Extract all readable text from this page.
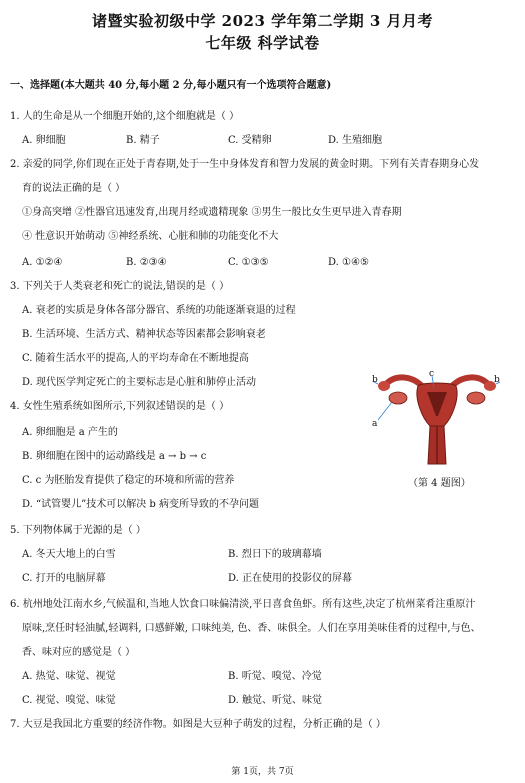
诸暨实验初级中学 2023 学年第二学期 3 月月考
七年级 科学试卷
一、选择题(本大题共 40 分,每小题 2 分,每小题只有一个选项符合题意)
1. 人的生命是从一个细胞开始的,这个细胞就是（ ）
A. 卵细胞	B. 精子	C. 受精卵	D. 生殖细胞
2. 亲爱的同学,你们现在正处于青春期,处于一生中身体发育和智力发展的黄金时期。下列有关青春期身心发
育的说法正确的是（ ）
①身高突增 ②性器官迅速发育,出现月经或遗精现象 ③男生一般比女生更早进入青春期
④ 性意识开始萌动 ⑤神经系统、心脏和肺的功能变化不大
A. ①②④	B. ②③④	C. ①③⑤	D. ①④⑤
3. 下列关于人类衰老和死亡的说法,错误的是（ ）
A. 衰老的实质是身体各部分器官、系统的功能逐渐衰退的过程
B. 生活环境、生活方式、精神状态等因素都会影响衰老
C. 随着生活水平的提高,人的平均寿命在不断地提高
D. 现代医学判定死亡的主要标志是心脏和肺停止活动
4. 女性生殖系统如图所示,下列叙述错误的是（ ）
A. 卵细胞是 a 产生的
B. 卵细胞在图中的运动路线是 a → b → c
C. c 为胚胎发育提供了稳定的环境和所需的营养
D. “试管婴儿”技术可以解决 b 病变所导致的不孕问题
c
b
a
b
（第 4 题图）
5. 下列物体属于光源的是（ ）
A. 冬天大地上的白雪	B. 烈日下的玻璃幕墙
C. 打开的电脑屏幕	D. 正在使用的投影仪的屏幕
6. 杭州地处江南水乡,气候温和,当地人饮食口味偏清淡,平日喜食鱼虾。所有这些,决定了杭州菜肴注重原汁
原味,烹任时轻油腻,轻调料, 口感鲜嫩, 口味纯美, 色、香、味俱全。人们在享用美味佳肴的过程中,与色、
香、味对应的感觉是（ ）
A. 热觉、味觉、视觉	B. 听觉、嗅觉、冷觉
C. 视觉、嗅觉、味觉	D. 触觉、听觉、味觉
7. 大豆是我国北方重要的经济作物。如图是大豆种子萌发的过程，分析正确的是（ ）
第 1页，共 7页
